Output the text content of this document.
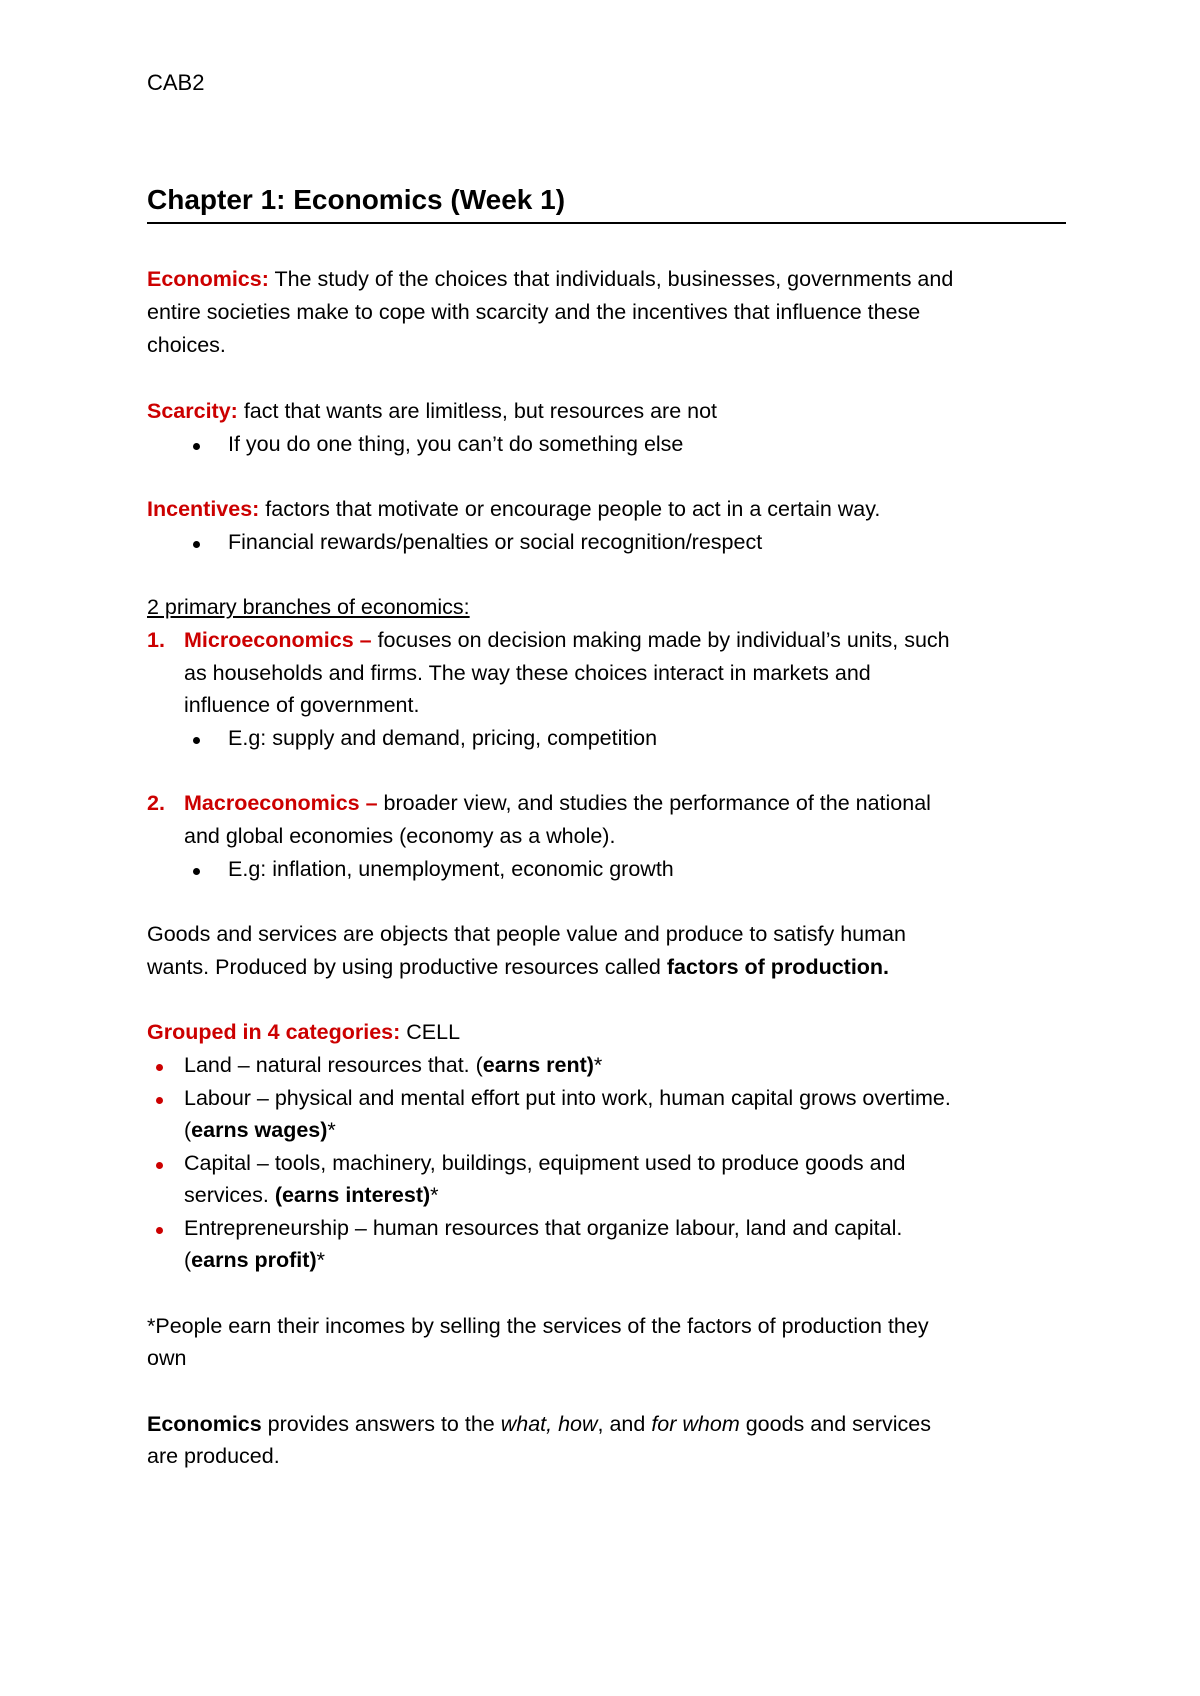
CAB2
Chapter 1: Economics (Week 1)
Economics: The study of the choices that individuals, businesses, governments and
entire societies make to cope with scarcity and the incentives that influence these
choices.
Scarcity: fact that wants are limitless, but resources are not
If you do one thing, you can’t do something else
Incentives: factors that motivate or encourage people to act in a certain way.
Financial rewards/penalties or social recognition/respect
2 primary branches of economics:
1. Microeconomics – focuses on decision making made by individual’s units, such
as households and firms. The way these choices interact in markets and
influence of government.
E.g: supply and demand, pricing, competition
2. Macroeconomics – broader view, and studies the performance of the national
and global economies (economy as a whole).
E.g: inflation, unemployment, economic growth
Goods and services are objects that people value and produce to satisfy human
wants. Produced by using productive resources called factors of production.
Grouped in 4 categories: CELL
Land – natural resources that. (earns rent)*
Labour – physical and mental effort put into work, human capital grows overtime.
(earns wages)*
Capital – tools, machinery, buildings, equipment used to produce goods and
services. (earns interest)*
Entrepreneurship – human resources that organize labour, land and capital.
(earns profit)*
*People earn their incomes by selling the services of the factors of production they
own
Economics provides answers to the what, how, and for whom goods and services
are produced.
